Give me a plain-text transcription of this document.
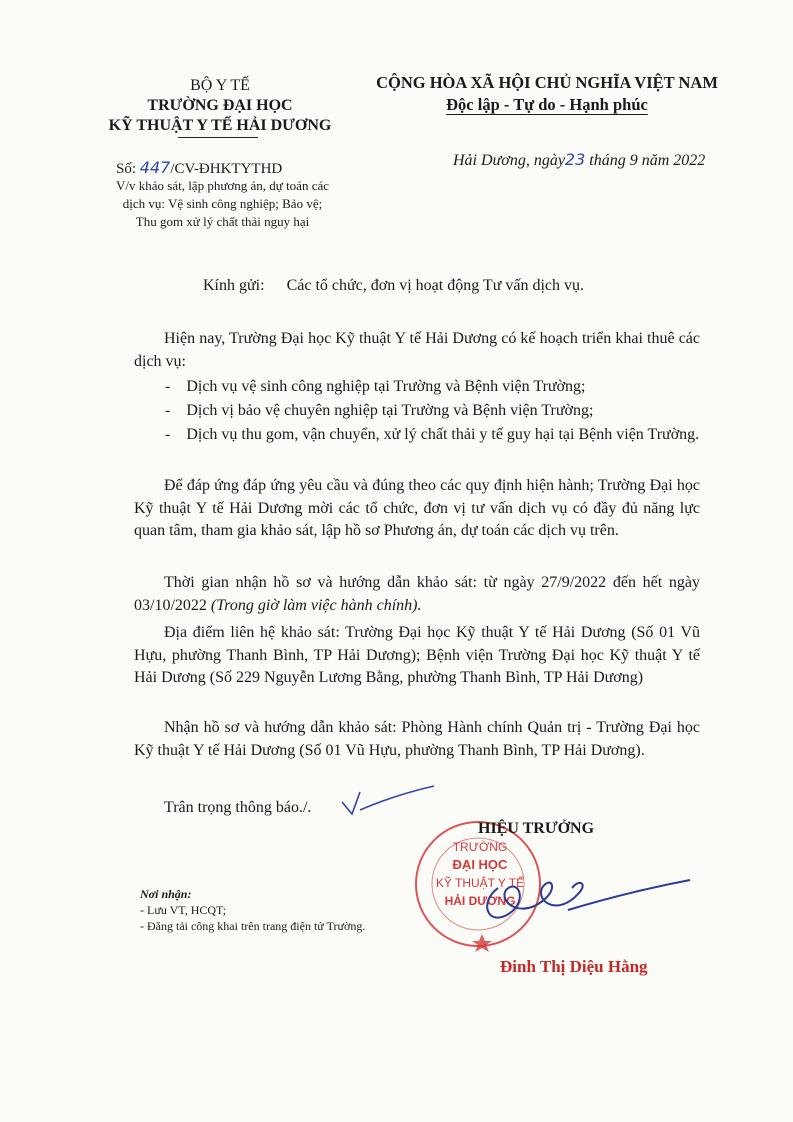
BỘ Y TẾ
TRƯỜNG ĐẠI HỌC
KỸ THUẬT Y TẾ HẢI DƯƠNG
CỘNG HÒA XÃ HỘI CHỦ NGHĨA VIỆT NAM
Độc lập - Tự do - Hạnh phúc
Số: 447/CV-ĐHKTYTHD
V/v khảo sát, lập phương án, dự toán các
dịch vụ: Vệ sinh công nghiệp; Bảo vệ;
Thu gom xử lý chất thải nguy hại
Hải Dương, ngày23 tháng 9 năm 2022
Kính gửi: Các tổ chức, đơn vị hoạt động Tư vấn dịch vụ.
Hiện nay, Trường Đại học Kỹ thuật Y tế Hải Dương có kế hoạch triển khai thuê các dịch vụ:
-    Dịch vụ vệ sinh công nghiệp tại Trường và Bệnh viện Trường;
-    Dịch vị bảo vệ chuyên nghiệp tại Trường và Bệnh viện Trường;
-    Dịch vụ thu gom, vận chuyển, xử lý chất thải y tế guy hại tại Bệnh viện Trường.
Để đáp ứng đáp ứng yêu cầu và đúng theo các quy định hiện hành; Trường Đại học Kỹ thuật Y tế Hải Dương mời các tổ chức, đơn vị tư vấn dịch vụ có đầy đủ năng lực quan tâm, tham gia khảo sát, lập hồ sơ Phương án, dự toán các dịch vụ trên.
Thời gian nhận hồ sơ và hướng dẫn khảo sát: từ ngày 27/9/2022 đến hết ngày 03/10/2022 (Trong giờ làm việc hành chính).
Địa điểm liên hệ khảo sát: Trường Đại học Kỹ thuật Y tế Hải Dương (Số 01 Vũ Hựu, phường Thanh Bình, TP Hải Dương); Bệnh viện Trường Đại học Kỹ thuật Y tế Hải Dương (Số 229 Nguyễn Lương Bằng, phường Thanh Bình, TP Hải Dương)
Nhận hồ sơ và hướng dẫn khảo sát: Phòng Hành chính Quản trị - Trường Đại học Kỹ thuật Y tế Hải Dương (Số 01 Vũ Hựu, phường Thanh Bình, TP Hải Dương).
Trân trọng thông báo./.
Nơi nhận:
- Lưu VT, HCQT;
- Đăng tải công khai trên trang điện tử Trường.
TRƯỜNG
ĐẠI HỌC
KỸ THUẬT Y TẾ
HẢI DƯƠNG
HIỆU TRƯỞNG
Đinh Thị Diệu Hằng
